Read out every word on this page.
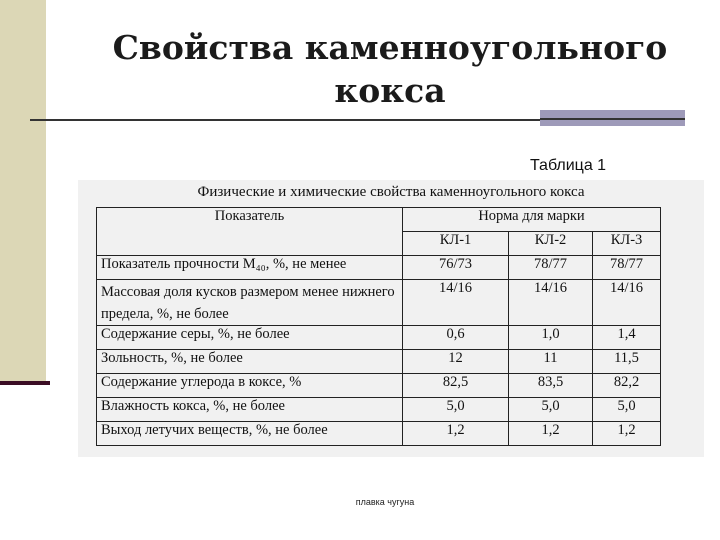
Свойства каменноугольного кокса
Таблица 1
Физические и химические свойства каменноугольного кокса
Показатель	Норма для марки		
	КЛ-1	КЛ-2	КЛ-3
Показатель прочности М₄₀, %, не менее	76/73	78/77	78/77
Массовая доля кусков размером менее нижнего предела, %, не более	14/16	14/16	14/16
Содержание серы, %, не более	0,6	1,0	1,4
Зольность, %, не более	12	11	11,5
Содержание углерода в коксе, %	82,5	83,5	82,2
Влажность кокса, %, не более	5,0	5,0	5,0
Выход летучих веществ, %, не более	1,2	1,2	1,2
плавка чугуна
